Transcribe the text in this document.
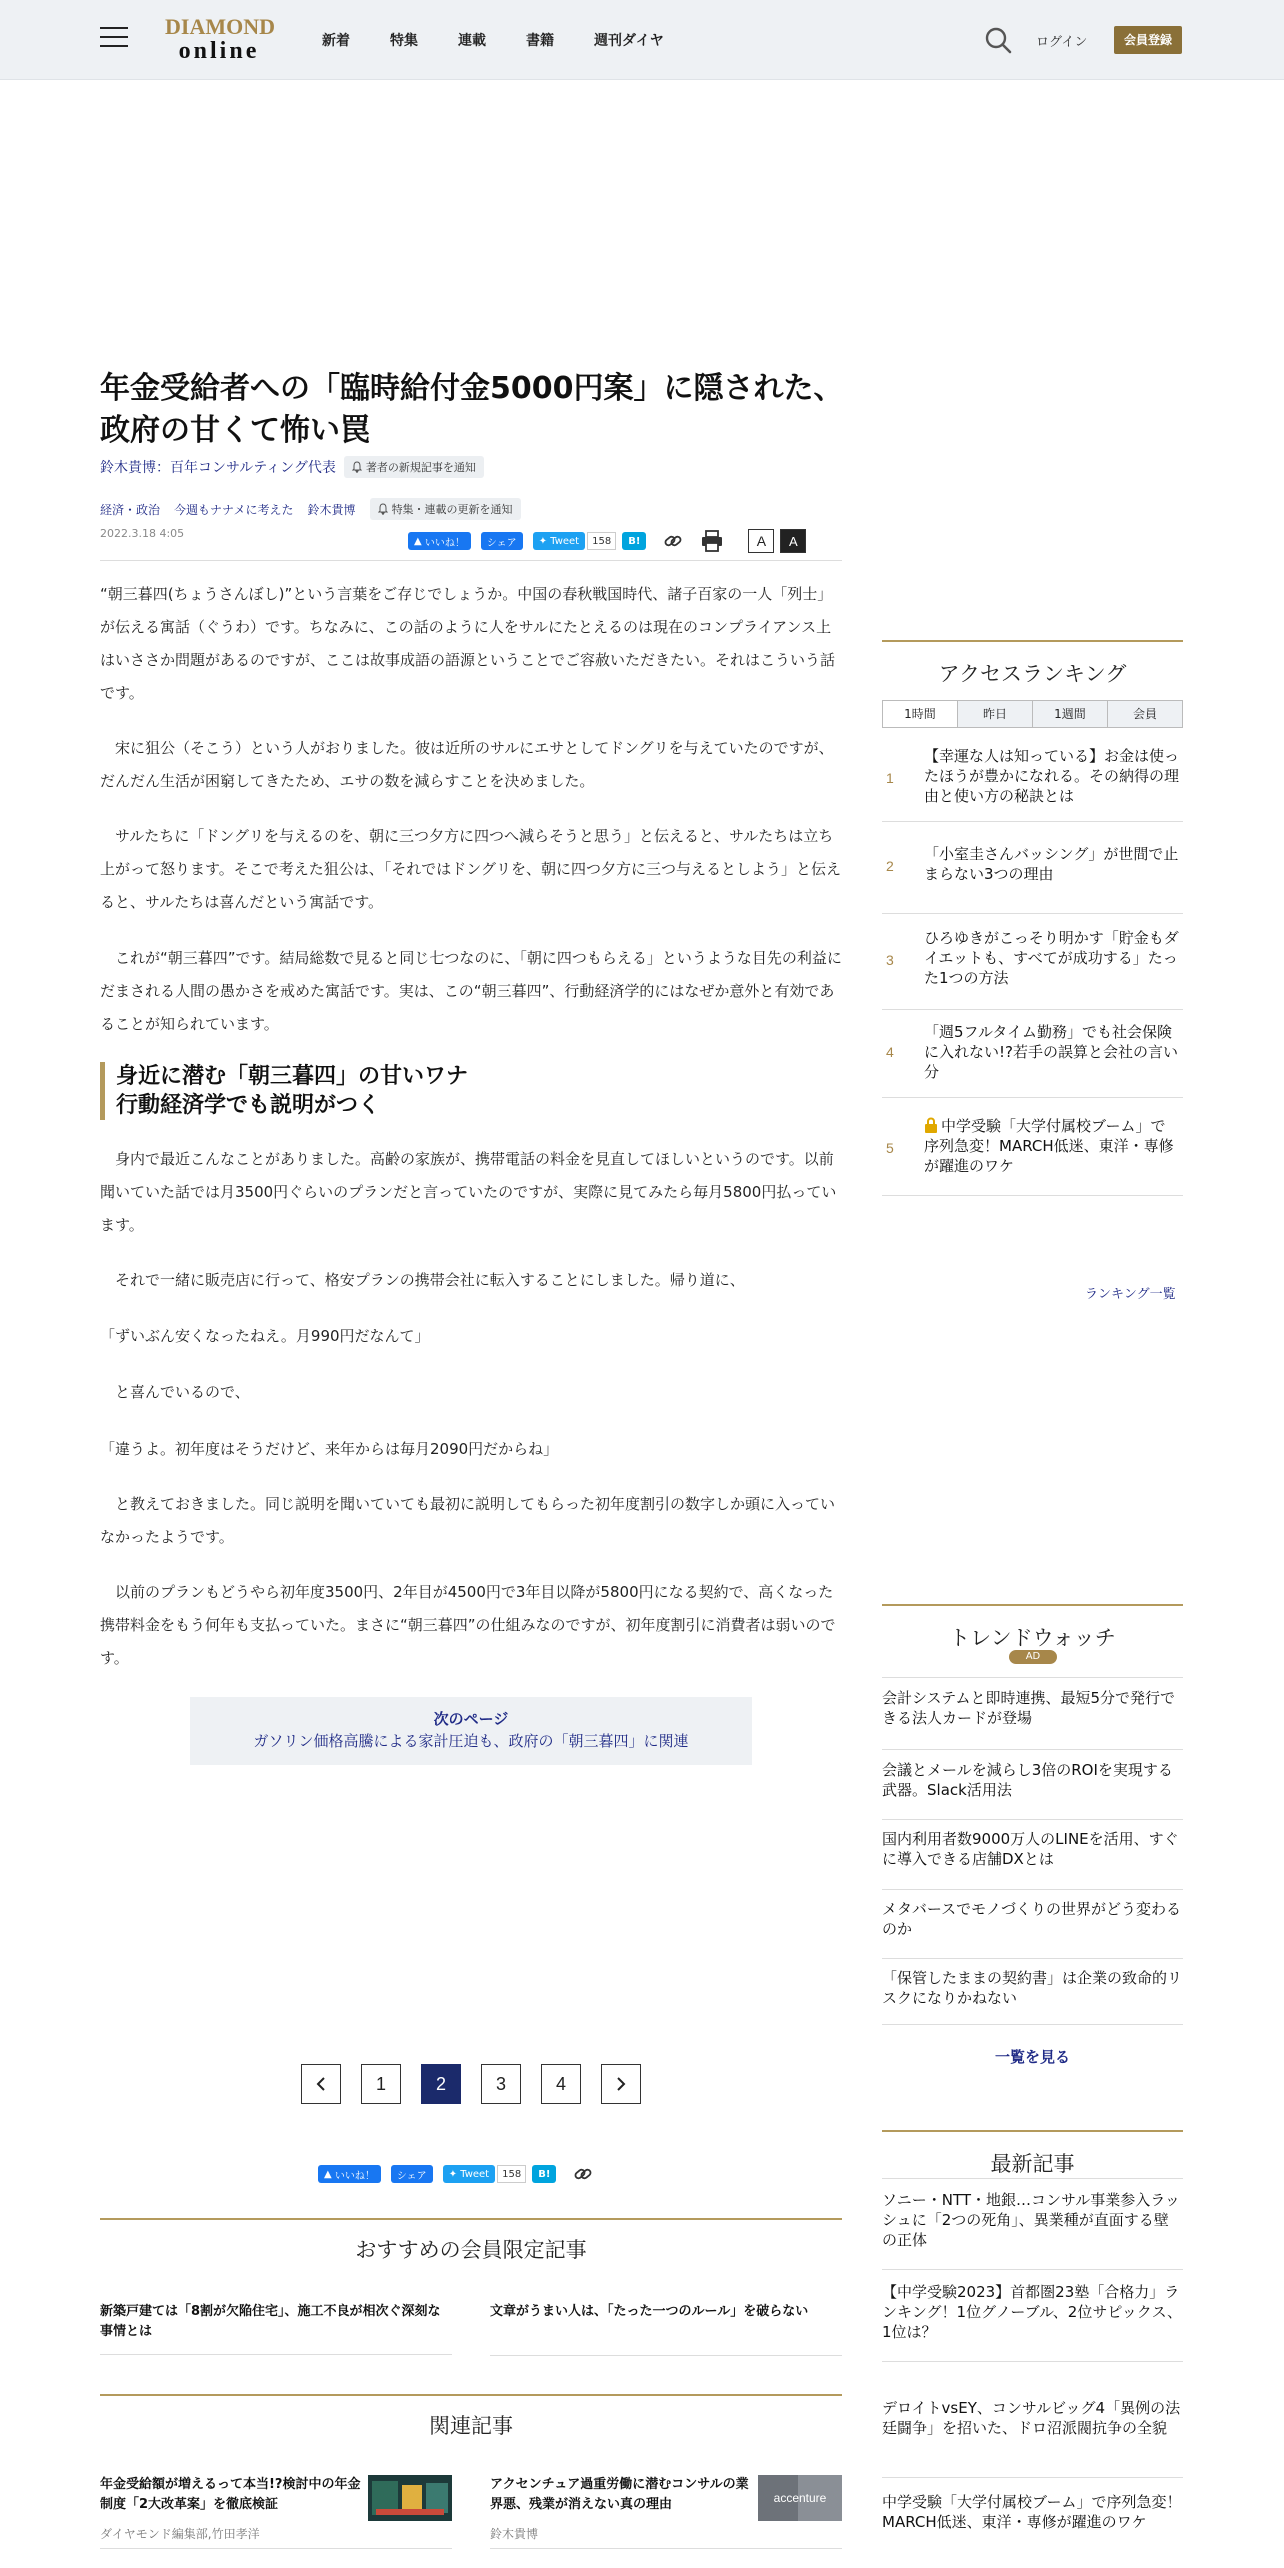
DIAMOND
online	新着	特集	連載	書籍	週刊ダイヤ	ログイン	会員登録
年金受給者への「臨時給付金5000円案」に隠された、
政府の甘くて怖い罠
鈴木貴博：百年コンサルティング代表	著者の新規記事を通知
経済・政治 今週もナナメに考えた 鈴木貴博	特集・連載の更新を通知
2022.3.18 4:05
▲ いいね！	シェア	✦ Tweet	158	B!	A	A

“朝三暮四(ちょうさんぼし)”という言葉をご存じでしょうか。中国の春秋戦国時代、諸子百家の一人「列士」が伝える寓話（ぐうわ）です。ちなみに、この話のように人をサルにたとえるのは現在のコンプライアンス上はいささか問題があるのですが、ここは故事成語の語源ということでご容赦いただきたい。それはこういう話です。

宋に狙公（そこう）という人がおりました。彼は近所のサルにエサとしてドングリを与えていたのですが、だんだん生活が困窮してきたため、エサの数を減らすことを決めました。

サルたちに「ドングリを与えるのを、朝に三つ夕方に四つへ減らそうと思う」と伝えると、サルたちは立ち上がって怒ります。そこで考えた狙公は、「それではドングリを、朝に四つ夕方に三つ与えるとしよう」と伝えると、サルたちは喜んだという寓話です。

これが“朝三暮四”です。結局総数で見ると同じ七つなのに、「朝に四つもらえる」というような目先の利益にだまされる人間の愚かさを戒めた寓話です。実は、この“朝三暮四”、行動経済学的にはなぜか意外と有効であることが知られています。

身近に潜む「朝三暮四」の甘いワナ
行動経済学でも説明がつく

身内で最近こんなことがありました。高齢の家族が、携帯電話の料金を見直してほしいというのです。以前聞いていた話では月3500円ぐらいのプランだと言っていたのですが、実際に見てみたら毎月5800円払っています。

それで一緒に販売店に行って、格安プランの携帯会社に転入することにしました。帰り道に、

「ずいぶん安くなったねえ。月990円だなんて」

と喜んでいるので、

「違うよ。初年度はそうだけど、来年からは毎月2090円だからね」

と教えておきました。同じ説明を聞いていても最初に説明してもらった初年度割引の数字しか頭に入っていなかったようです。

以前のプランもどうやら初年度3500円、2年目が4500円で3年目以降が5800円になる契約で、高くなった携帯料金をもう何年も支払っていた。まさに“朝三暮四”の仕組みなのですが、初年度割引に消費者は弱いのです。

次のページ
ガソリン価格高騰による家計圧迫も、政府の「朝三暮四」に関連
1	2	3	4
▲ いいね！	シェア	✦ Tweet	158	B!
おすすめの会員限定記事
新築戸建ては「8割が欠陥住宅」、施工不良が相次ぐ深刻な事情とは
文章がうまい人は、「たった一つのルール」を破らない
関連記事
年金受給額が増えるって本当!?検討中の年金制度「2大改革案」を徹底検証
ダイヤモンド編集部,竹田孝洋
アクセンチュア過重労働に潜むコンサルの業界悪、残業が消えない真の理由
鈴木貴博
accenture
アクセスランキング
1時間	昨日	1週間	会員
1
【幸運な人は知っている】お金は使ったほうが豊かになれる。その納得の理由と使い方の秘訣とは
2
「小室圭さんバッシング」が世間で止まらない3つの理由
3
ひろゆきがこっそり明かす「貯金もダイエットも、すべてが成功する」たった1つの方法
4
「週5フルタイム勤務」でも社会保険に入れない!?若手の誤算と会社の言い分
5
中学受験「大学付属校ブーム」で序列急変！MARCH低迷、東洋・専修が躍進のワケ
ランキング一覧
トレンドウォッチ
AD
会計システムと即時連携、最短5分で発行できる法人カードが登場
会議とメールを減らし3倍のROIを実現する武器。Slack活用法
国内利用者数9000万人のLINEを活用、すぐに導入できる店舗DXとは
メタバースでモノづくりの世界がどう変わるのか
「保管したままの契約書」は企業の致命的リスクになりかねない
一覧を見る
最新記事
ソニー・NTT・地銀…コンサル事業参入ラッシュに「2つの死角」、異業種が直面する壁の正体
【中学受験2023】首都圏23塾「合格力」ランキング！1位グノーブル、2位サピックス、1位は？
デロイトvsEY、コンサルビッグ4「異例の法廷闘争」を招いた、ドロ沼派閥抗争の全貌
中学受験「大学付属校ブーム」で序列急変！MARCH低迷、東洋・専修が躍進のワケ
